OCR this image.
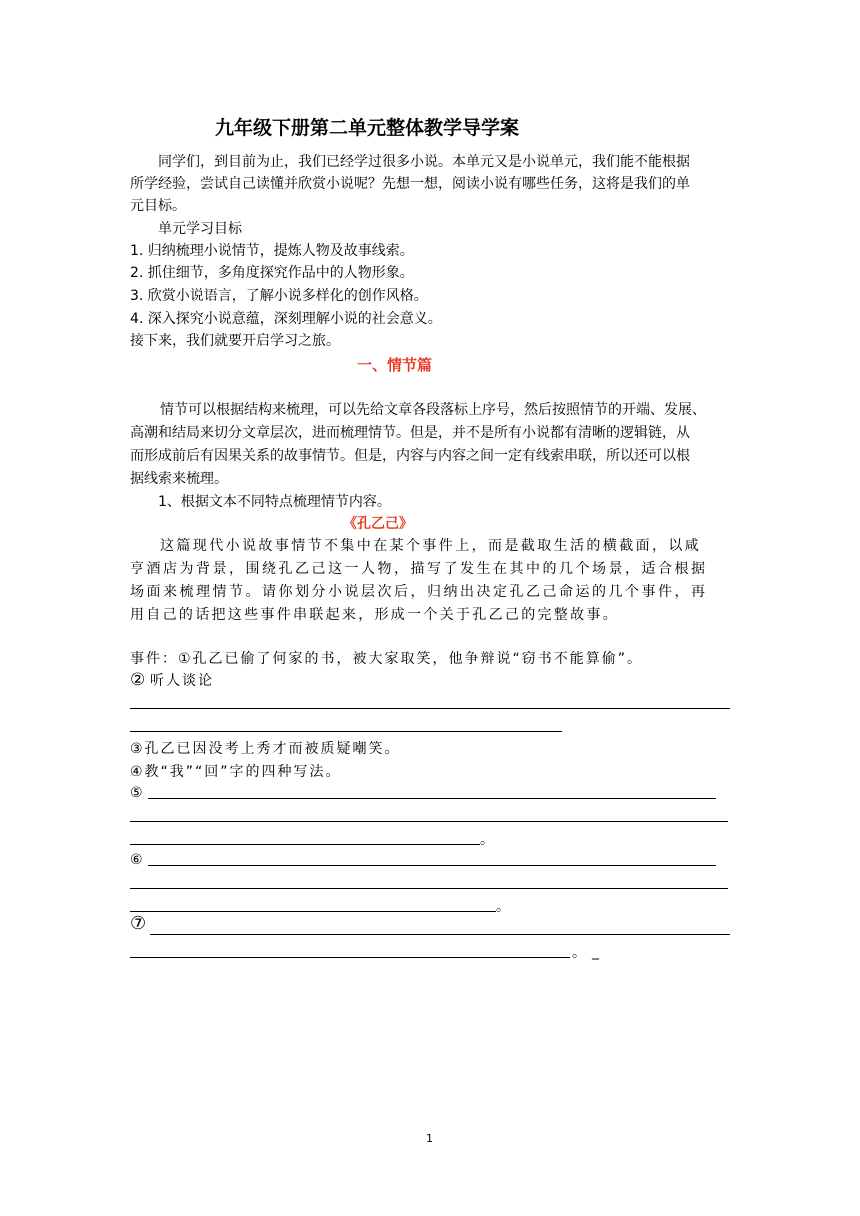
九年级下册第二单元整体教学导学案
同学们，到目前为止，我们已经学过很多小说。本单元又是小说单元，我们能不能根据
所学经验，尝试自己读懂并欣赏小说呢？先想一想，阅读小说有哪些任务，这将是我们的单
元目标。
单元学习目标
1. 归纳梳理小说情节，提炼人物及故事线索。
2. 抓住细节，多角度探究作品中的人物形象。
3. 欣赏小说语言，了解小说多样化的创作风格。
4. 深入探究小说意蕴，深刻理解小说的社会意义。
接下来，我们就要开启学习之旅。
一、情节篇
情节可以根据结构来梳理，可以先给文章各段落标上序号，然后按照情节的开端、发展、
高潮和结局来切分文章层次，进而梳理情节。但是，并不是所有小说都有清晰的逻辑链，从
而形成前后有因果关系的故事情节。但是，内容与内容之间一定有线索串联，所以还可以根
据线索来梳理。
1、根据文本不同特点梳理情节内容。
《孔乙己》
这篇现代小说故事情节不集中在某个事件上，而是截取生活的横截面，以咸
亨酒店为背景，围绕孔乙己这一人物，描写了发生在其中的几个场景，适合根据
场面来梳理情节。请你划分小说层次后，归纳出决定孔乙己命运的几个事件，再
用自己的话把这些事件串联起来，形成一个关于孔乙己的完整故事。
事件：①孔乙已偷了何家的书，被大家取笑，他争辩说“窃书不能算偷”。
② 听人谈论
③孔乙已因没考上秀才而被质疑嘲笑。
④教“我”“回”字的四种写法。
⑤
。
⑥
。
⑦
。 _
1
